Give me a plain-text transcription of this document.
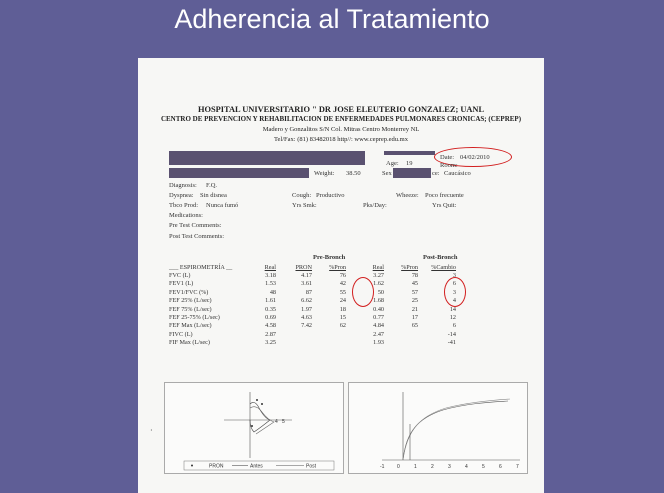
Adherencia al Tratamiento
HOSPITAL UNIVERSITARIO " DR JOSE ELEUTERIO GONZALEZ; UANL
CENTRO DE PREVENCION Y REHABILITACION DE ENFERMEDADES PULMONARES CRONICAS; (CEPREP)
Madero y Gonzalitos S/N Col. Mitras Centro Monterrey NL
Tel/Fax: (81) 83482018 http//: www.ceprep.edu.mx
Date: 04/02/2010
Age: 19	Room:
Weight: 38.50	Sex	ce: Caucásico
Diagnosis: F.Q.
Dyspnea: Sin disnea	Cough: Productivo	Wheeze: Poco frecuente
Tbco Prod: Nunca fumó	Yrs Smk:	Pks/Day:	Yrs Quit:
Medications:
Pre Test Comments:
Post Test Comments:
Pre-Bronch	Post-Bronch
___ ESPIROMETRÍA __	Real	PRON	%Pron	Real	%Pron	%Cambio
FVC (L)	3.18	4.17	76	3.27	78	3
FEV1 (L)	1.53	3.61	42	1.62	45	6
FEV1/FVC (%)	48	87	55	50	57	3
FEF 25% (L/sec)	1.61	6.62	24	1.68	25	4
FEF 75% (L/sec)	0.35	1.97	18	0.40	21	14
FEF 25-75% (L/sec)	0.69	4.63	15	0.77	17	12
FEF Max (L/sec)	4.58	7.42	62	4.84	65	6
FIVC (L)	2.87			2.47		-14
FIF Max (L/sec)	3.25			1.93		-41
4 5
PRON	Antes	Post	-1	0	1	2	3	4	5	6	7
·
